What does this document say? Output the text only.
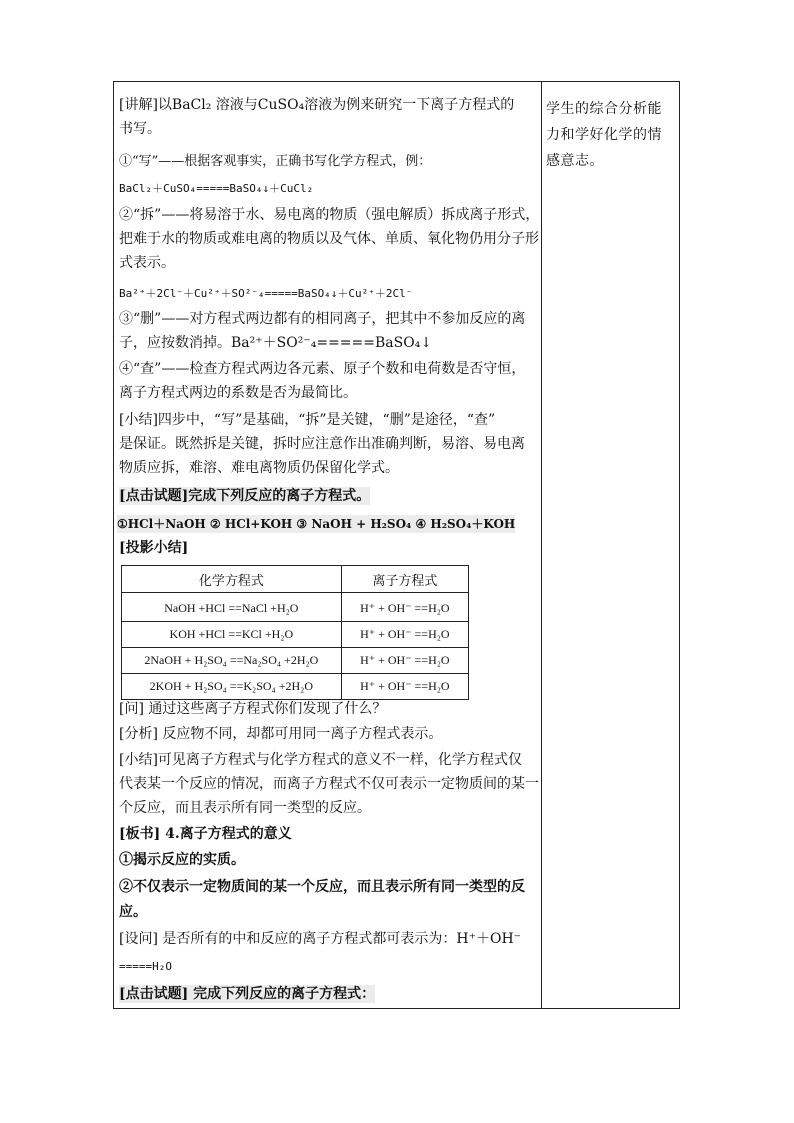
[讲解]以BaCl₂ 溶液与CuSO₄溶液为例来研究一下离子方程式的
书写。
①“写”——根据客观事实，正确书写化学方程式，例：
BaCl₂＋CuSO₄=====BaSO₄↓＋CuCl₂
②“拆”——将易溶于水、易电离的物质（强电解质）拆成离子形式，
把难于水的物质或难电离的物质以及气体、单质、氧化物仍用分子形
式表示。
Ba²⁺＋2Cl⁻＋Cu²⁺＋SO²⁻₄=====BaSO₄↓＋Cu²⁺＋2Cl⁻
③“删”——对方程式两边都有的相同离子，把其中不参加反应的离
子，应按数消掉。Ba²⁺＋SO²⁻₄=====BaSO₄↓
④“查”——检查方程式两边各元素、原子个数和电荷数是否守恒，
离子方程式两边的系数是否为最简比。
[小结]四步中，“写”是基础，“拆”是关键，“删”是途径，“查”
是保证。既然拆是关键，拆时应注意作出准确判断，易溶、易电离
物质应拆，难溶、难电离物质仍保留化学式。
[点击试题]完成下列反应的离子方程式。
①HCl＋NaOH ② HCl+KOH ③ NaOH + H₂SO₄ ④ H₂SO₄＋KOH
[投影小结]
化学方程式	离子方程式
NaOH +HCl ==NaCl +H₂O	H⁺ + OH⁻ ==H₂O
KOH +HCl ==KCl +H₂O	H⁺ + OH⁻ ==H₂O
2NaOH + H₂SO₄ ==Na₂SO₄ +2H₂O	H⁺ + OH⁻ ==H₂O
2KOH + H₂SO₄ ==K₂SO₄ +2H₂O	H⁺ + OH⁻ ==H₂O
[问] 通过这些离子方程式你们发现了什么？
[分析] 反应物不同，却都可用同一离子方程式表示。
[小结]可见离子方程式与化学方程式的意义不一样，化学方程式仅
代表某一个反应的情况，而离子方程式不仅可表示一定物质间的某一
个反应，而且表示所有同一类型的反应。
[板书] 4.离子方程式的意义
①揭示反应的实质。
②不仅表示一定物质间的某一个反应，而且表示所有同一类型的反
应。
[设问] 是否所有的中和反应的离子方程式都可表示为：H⁺＋OH⁻
=====H₂O
[点击试题] 完成下列反应的离子方程式：
学生的综合分析能
力和学好化学的情
感意志。
